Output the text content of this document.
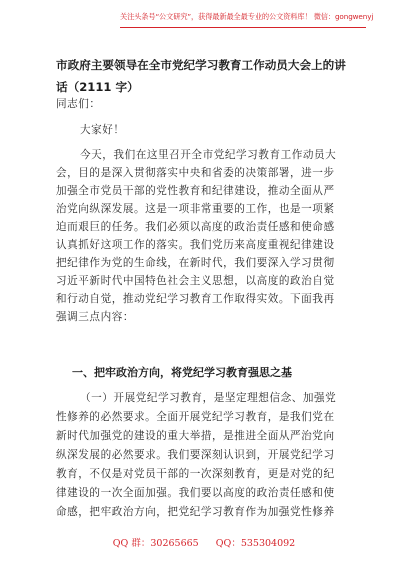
关注头条号“公文研究”，获得最新最全最专业的公文资料库！ 微信：gongwenyj
市政府主要领导在全市党纪学习教育工作动员大会上的讲
话（2111 字）
同志们：
大家好！
今天，我们在这里召开全市党纪学习教育工作动员大
会，目的是深入贯彻落实中央和省委的决策部署，进一步
加强全市党员干部的党性教育和纪律建设，推动全面从严
治党向纵深发展。这是一项非常重要的工作，也是一项紧
迫而艰巨的任务。我们必须以高度的政治责任感和使命感
认真抓好这项工作的落实。我们党历来高度重视纪律建设
把纪律作为党的生命线，在新时代，我们要深入学习贯彻
习近平新时代中国特色社会主义思想，以高度的政治自觉
和行动自觉，推动党纪学习教育工作取得实效。下面我再
强调三点内容：
一、把牢政治方向，将党纪学习教育强思之基
（一）开展党纪学习教育，是坚定理想信念、加强党
性修养的必然要求。全面开展党纪学习教育，是我们党在
新时代加强党的建设的重大举措，是推进全面从严治党向
纵深发展的必然要求。我们要深刻认识到，开展党纪学习
教育，不仅是对党员干部的一次深刻教育，更是对党的纪
律建设的一次全面加强。我们要以高度的政治责任感和使
命感，把牢政治方向，把党纪学习教育作为加强党性修养
QQ 群：30265665 QQ：535304092
